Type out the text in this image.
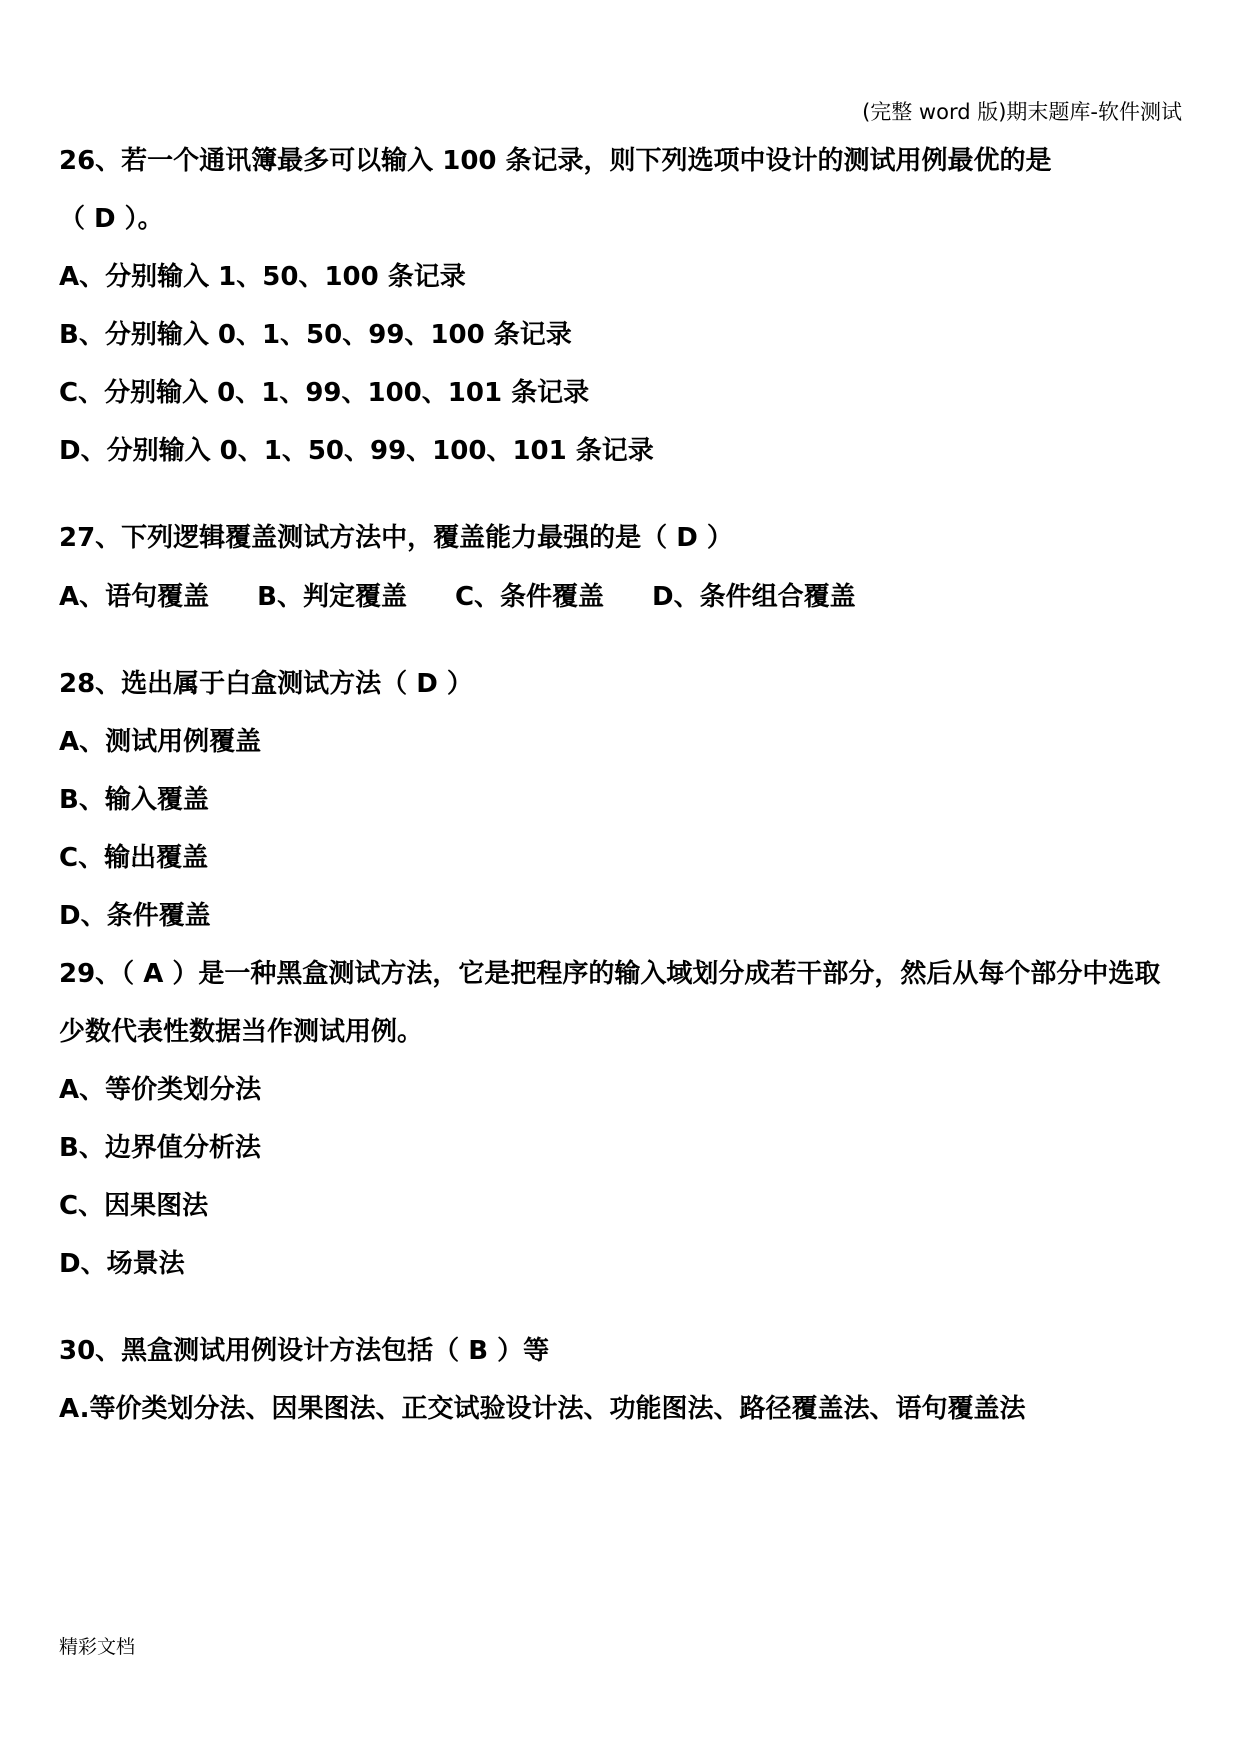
(完整 word 版)期末题库-软件测试
26、若一个通讯簿最多可以输入 100 条记录，则下列选项中设计的测试用例最优的是
（ D ）。
A、分别输入 1、50、100 条记录
B、分别输入 0、1、50、99、100 条记录
C、分别输入 0、1、99、100、101 条记录
D、分别输入 0、1、50、99、100、101 条记录
27、下列逻辑覆盖测试方法中，覆盖能力最强的是（ D ）
A、语句覆盖 B、判定覆盖 C、条件覆盖 D、条件组合覆盖
28、选出属于白盒测试方法（ D ）
A、测试用例覆盖
B、输入覆盖
C、输出覆盖
D、条件覆盖
29、（ A ）是一种黑盒测试方法，它是把程序的输入域划分成若干部分，然后从每个部分中选取
少数代表性数据当作测试用例。
A、等价类划分法
B、边界值分析法
C、因果图法
D、场景法
30、黑盒测试用例设计方法包括（ B ）等
A.等价类划分法、因果图法、正交试验设计法、功能图法、路径覆盖法、语句覆盖法
精彩文档
